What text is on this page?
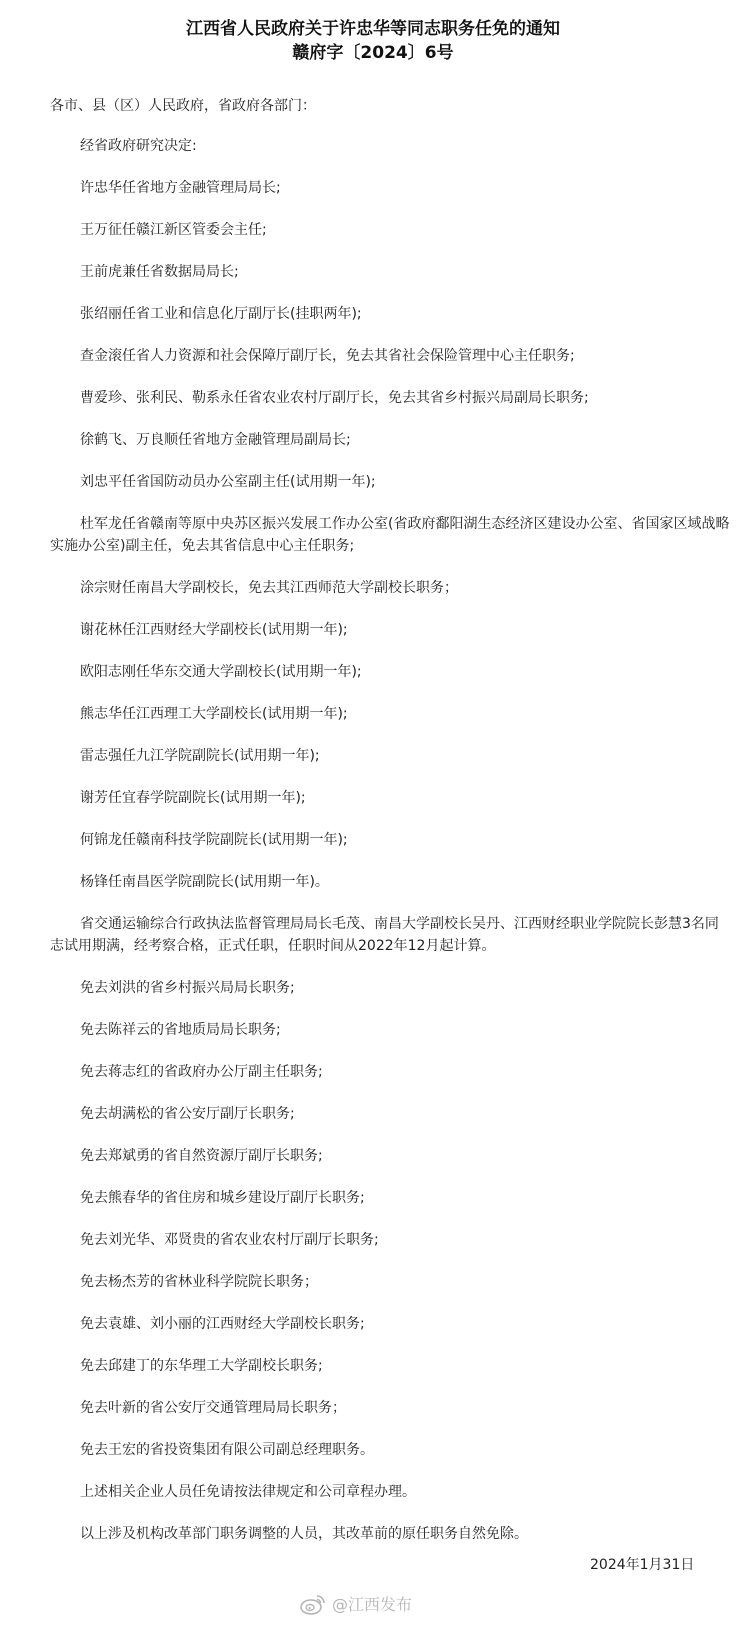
江西省人民政府关于许忠华等同志职务任免的通知
赣府字〔2024〕6号

各市、县（区）人民政府，省政府各部门：

经省政府研究决定:

许忠华任省地方金融管理局局长;

王万征任赣江新区管委会主任;

王前虎兼任省数据局局长;

张绍丽任省工业和信息化厅副厅长(挂职两年);

查金滚任省人力资源和社会保障厅副厅长，免去其省社会保险管理中心主任职务;

曹爱珍、张利民、勒系永任省农业农村厅副厅长，免去其省乡村振兴局副局长职务;

徐鹤飞、万良顺任省地方金融管理局副局长;

刘忠平任省国防动员办公室副主任(试用期一年);

杜军龙任省赣南等原中央苏区振兴发展工作办公室(省政府鄱阳湖生态经济区建设办公室、省国家区域战略实施办公室)副主任，免去其省信息中心主任职务;

涂宗财任南昌大学副校长，免去其江西师范大学副校长职务；

谢花林任江西财经大学副校长(试用期一年);

欧阳志刚任华东交通大学副校长(试用期一年);

熊志华任江西理工大学副校长(试用期一年);

雷志强任九江学院副院长(试用期一年);

谢芳任宜春学院副院长(试用期一年);

何锦龙任赣南科技学院副院长(试用期一年);

杨锋任南昌医学院副院长(试用期一年)。

省交通运输综合行政执法监督管理局局长毛茂、南昌大学副校长吴丹、江西财经职业学院院长彭慧3名同志试用期满，经考察合格，正式任职，任职时间从2022年12月起计算。

免去刘洪的省乡村振兴局局长职务;

免去陈祥云的省地质局局长职务;

免去蒋志红的省政府办公厅副主任职务;

免去胡满松的省公安厅副厅长职务;

免去郑斌勇的省自然资源厅副厅长职务;

免去熊春华的省住房和城乡建设厅副厅长职务;

免去刘光华、邓贤贵的省农业农村厅副厅长职务;

免去杨杰芳的省林业科学院院长职务；

免去袁雄、刘小丽的江西财经大学副校长职务;

免去邱建丁的东华理工大学副校长职务;

免去叶新的省公安厅交通管理局局长职务；

免去王宏的省投资集团有限公司副总经理职务。

上述相关企业人员任免请按法律规定和公司章程办理。

以上涉及机构改革部门职务调整的人员，其改革前的原任职务自然免除。

2024年1月31日
@江西发布
